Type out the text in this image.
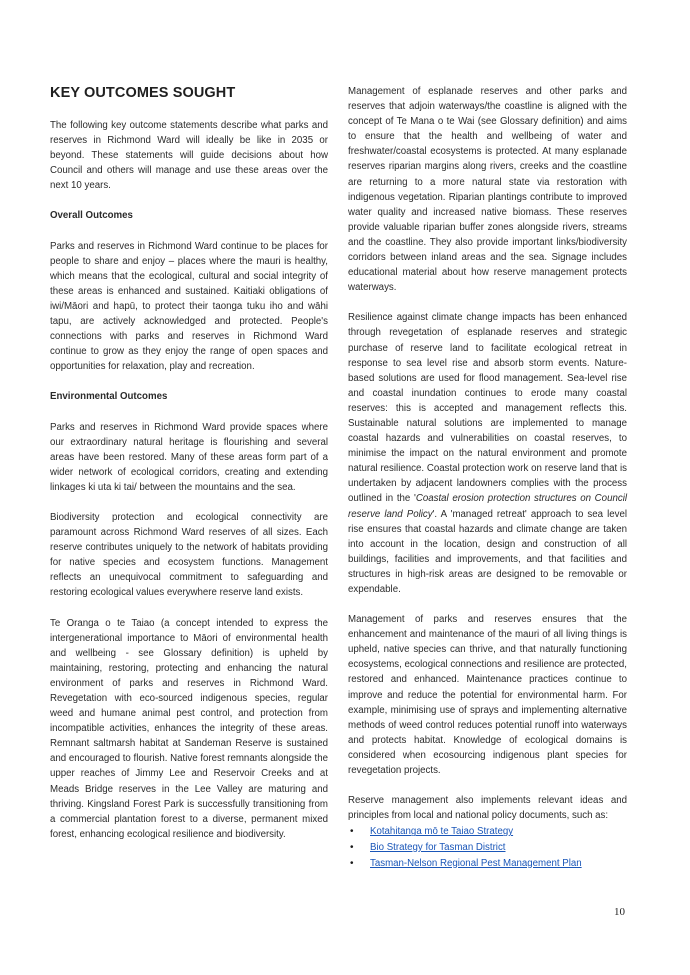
KEY OUTCOMES SOUGHT

The following key outcome statements describe what parks and reserves in Richmond Ward will ideally be like in 2035 or beyond. These statements will guide decisions about how Council and others will manage and use these areas over the next 10 years.

Overall Outcomes

Parks and reserves in Richmond Ward continue to be places for people to share and enjoy – places where the mauri is healthy, which means that the ecological, cultural and social integrity of these areas is enhanced and sustained. Kaitiaki obligations of iwi/Māori and hapū, to protect their taonga tuku iho and wāhi tapu, are actively acknowledged and protected. People's connections with parks and reserves in Richmond Ward continue to grow as they enjoy the range of open spaces and opportunities for relaxation, play and recreation.

Environmental Outcomes

Parks and reserves in Richmond Ward provide spaces where our extraordinary natural heritage is flourishing and several areas have been restored. Many of these areas form part of a wider network of ecological corridors, creating and extending linkages ki uta ki tai/ between the mountains and the sea.

Biodiversity protection and ecological connectivity are paramount across Richmond Ward reserves of all sizes. Each reserve contributes uniquely to the network of habitats providing for native species and ecosystem functions. Management reflects an unequivocal commitment to safeguarding and restoring ecological values everywhere reserve land exists.

Te Oranga o te Taiao (a concept intended to express the intergenerational importance to Māori of environmental health and wellbeing - see Glossary definition) is upheld by maintaining, restoring, protecting and enhancing the natural environment of parks and reserves in Richmond Ward. Revegetation with eco-sourced indigenous species, regular weed and humane animal pest control, and protection from incompatible activities, enhances the integrity of these areas. Remnant saltmarsh habitat at Sandeman Reserve is sustained and encouraged to flourish. Native forest remnants alongside the upper reaches of Jimmy Lee and Reservoir Creeks and at Meads Bridge reserves in the Lee Valley are maturing and thriving. Kingsland Forest Park is successfully transitioning from a commercial plantation forest to a diverse, permanent mixed forest, enhancing ecological resilience and biodiversity.

Management of esplanade reserves and other parks and reserves that adjoin waterways/the coastline is aligned with the concept of Te Mana o te Wai (see Glossary definition) and aims to ensure that the health and wellbeing of water and freshwater/coastal ecosystems is protected. At many esplanade reserves riparian margins along rivers, creeks and the coastline are returning to a more natural state via restoration with indigenous vegetation. Riparian plantings contribute to improved water quality and increased native biomass. These reserves provide valuable riparian buffer zones alongside rivers, streams and the coastline. They also provide important links/biodiversity corridors between inland areas and the sea. Signage includes educational material about how reserve management protects waterways.

Resilience against climate change impacts has been enhanced through revegetation of esplanade reserves and strategic purchase of reserve land to facilitate ecological retreat in response to sea level rise and absorb storm events. Nature-based solutions are used for flood management. Sea-level rise and coastal inundation continues to erode many coastal reserves: this is accepted and management reflects this. Sustainable natural solutions are implemented to manage coastal hazards and vulnerabilities on coastal reserves, to minimise the impact on the natural environment and promote natural resilience. Coastal protection work on reserve land that is undertaken by adjacent landowners complies with the process outlined in the 'Coastal erosion protection structures on Council reserve land Policy'. A 'managed retreat' approach to sea level rise ensures that coastal hazards and climate change are taken into account in the location, design and construction of all buildings, facilities and improvements, and that facilities and structures in high-risk areas are designed to be removable or expendable.

Management of parks and reserves ensures that the enhancement and maintenance of the mauri of all living things is upheld, native species can thrive, and that naturally functioning ecosystems, ecological connections and resilience are protected, restored and enhanced. Maintenance practices continue to improve and reduce the potential for environmental harm. For example, minimising use of sprays and implementing alternative methods of weed control reduces potential runoff into waterways and protects habitat. Knowledge of ecological domains is considered when ecosourcing indigenous plant species for revegetation projects.

Reserve management also implements relevant ideas and principles from local and national policy documents, such as:

• Kotahitanga mō te Taiao Strategy
• Bio Strategy for Tasman District
• Tasman-Nelson Regional Pest Management Plan
10
